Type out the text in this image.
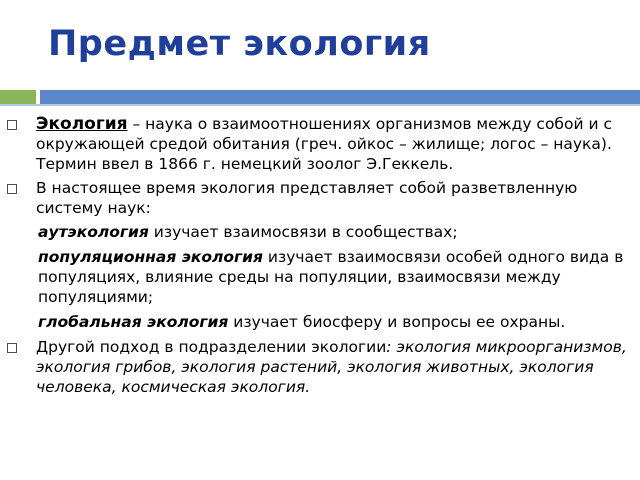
Предмет экология
Экология – наука о взаимоотношениях организмов между собой и с окружающей средой обитания (греч. ойкос – жилище; логос – наука). Термин ввел в 1866 г. немецкий зоолог Э.Геккель.
В настоящее время экология представляет собой разветвленную систему наук:
аутэкология изучает взаимосвязи в сообществах;
популяционная экология изучает взаимосвязи особей одного вида в популяциях, влияние среды на популяции, взаимосвязи между популяциями;
глобальная экология изучает биосферу и вопросы ее охраны.
Другой подход в подразделении экологии: экология микроорганизмов, экология грибов, экология растений, экология животных, экология человека, космическая экология.
